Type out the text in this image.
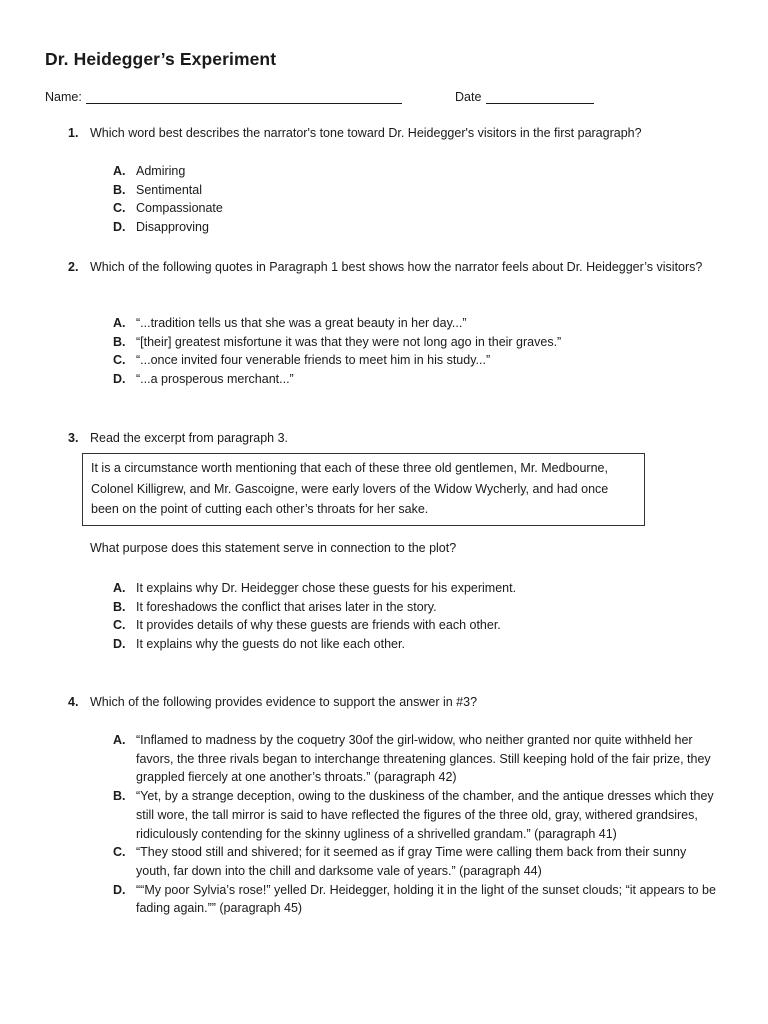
Dr. Heidegger’s Experiment
Name:	Date
1. Which word best describes the narrator's tone toward Dr. Heidegger's visitors in the first paragraph?
A. Admiring
B. Sentimental
C. Compassionate
D. Disapproving
2. Which of the following quotes in Paragraph 1 best shows how the narrator feels about Dr. Heidegger’s visitors?
A. “...tradition tells us that she was a great beauty in her day...”
B. “[their] greatest misfortune it was that they were not long ago in their graves.”
C. “...once invited four venerable friends to meet him in his study...”
D. “...a prosperous merchant...”
3. Read the excerpt from paragraph 3.
It is a circumstance worth mentioning that each of these three old gentlemen, Mr. Medbourne, Colonel Killigrew, and Mr. Gascoigne, were early lovers of the Widow Wycherly, and had once been on the point of cutting each other’s throats for her sake.
What purpose does this statement serve in connection to the plot?
A. It explains why Dr. Heidegger chose these guests for his experiment.
B. It foreshadows the conflict that arises later in the story.
C. It provides details of why these guests are friends with each other.
D. It explains why the guests do not like each other.
4. Which of the following provides evidence to support the answer in #3?
A. “Inflamed to madness by the coquetry 30of the girl-widow, who neither granted nor quite withheld her favors, the three rivals began to interchange threatening glances. Still keeping hold of the fair prize, they grappled fiercely at one another’s throats.” (paragraph 42)
B. “Yet, by a strange deception, owing to the duskiness of the chamber, and the antique dresses which they still wore, the tall mirror is said to have reflected the figures of the three old, gray, withered grandsires, ridiculously contending for the skinny ugliness of a shrivelled grandam.” (paragraph 41)
C. “They stood still and shivered; for it seemed as if gray Time were calling them back from their sunny youth, far down into the chill and darksome vale of years.” (paragraph 44)
D. ““My poor Sylvia’s rose!” yelled Dr. Heidegger, holding it in the light of the sunset clouds; “it appears to be fading again.”” (paragraph 45)
